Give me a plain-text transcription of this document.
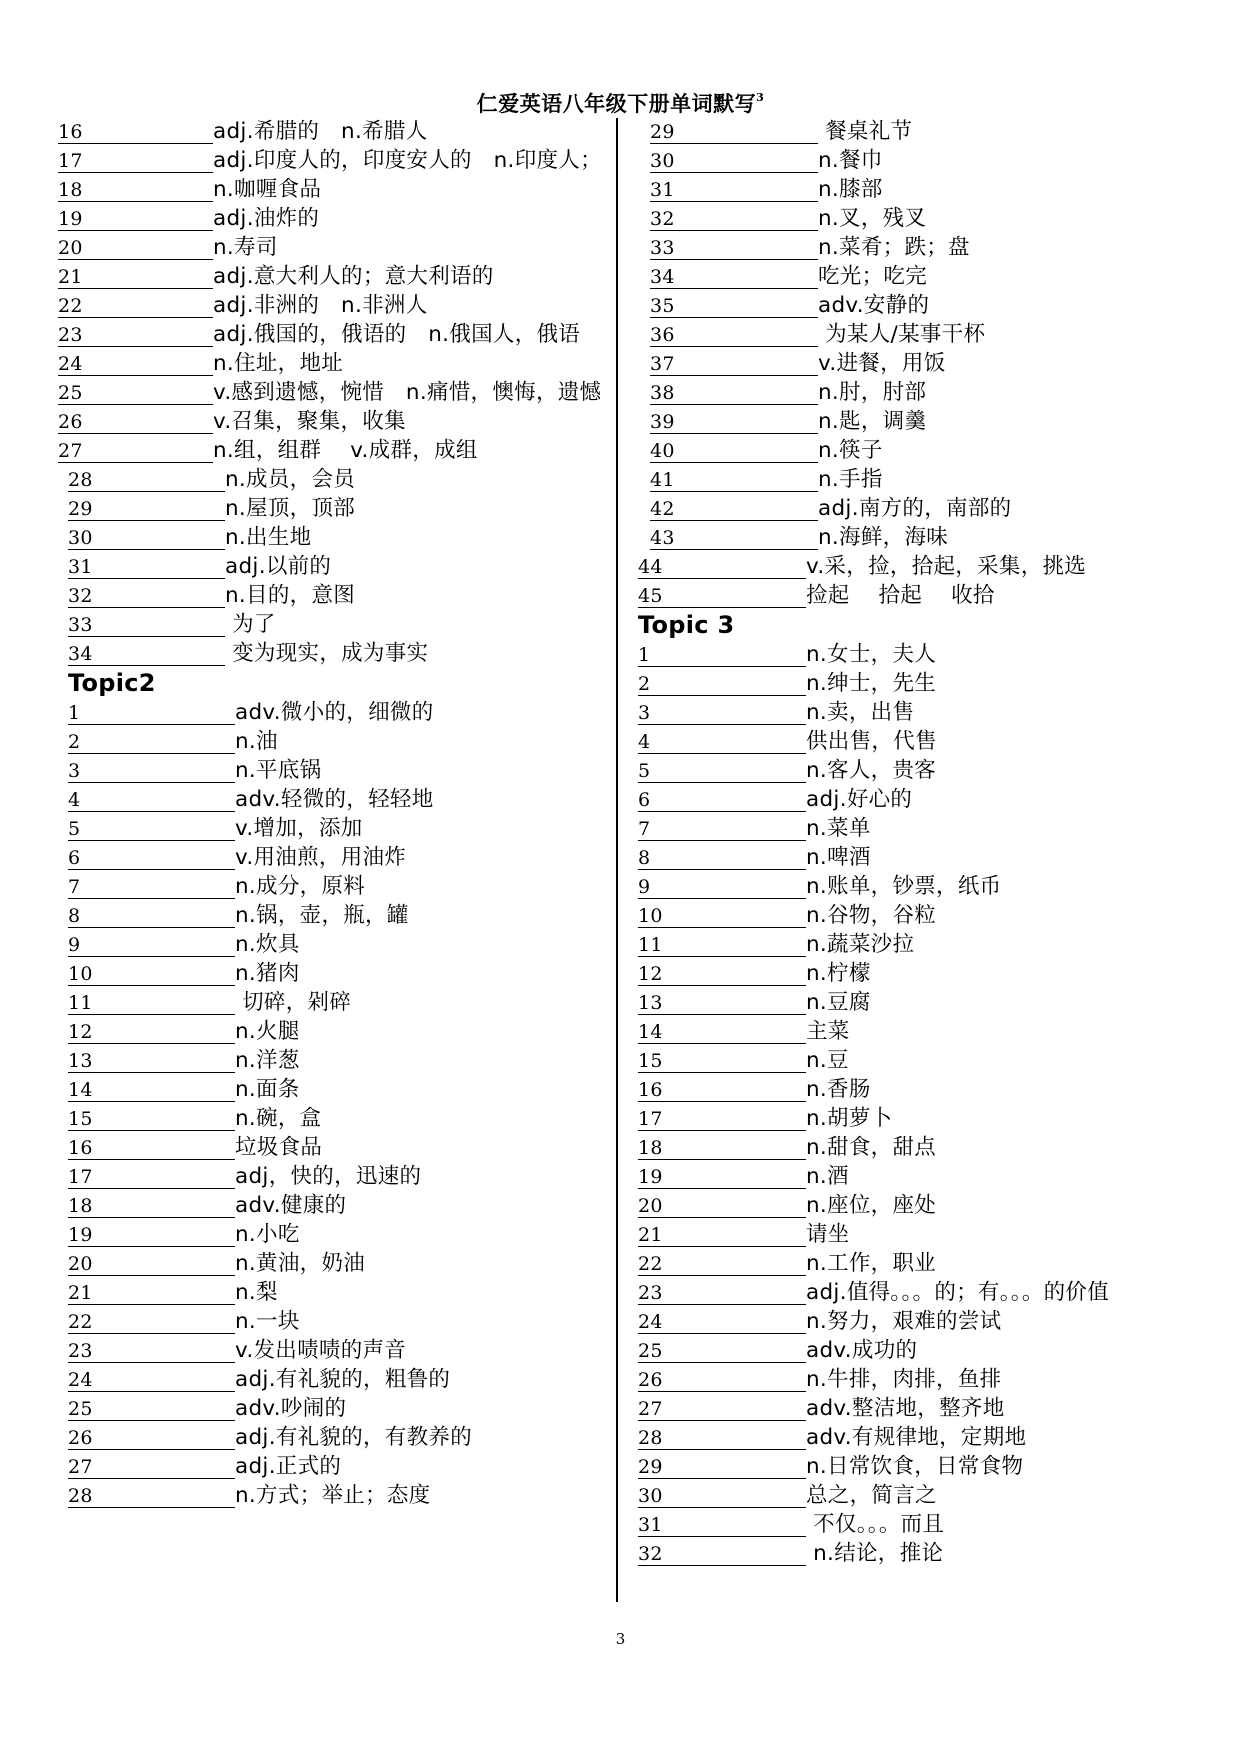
仁爱英语八年级下册单词默写$^3$
16	adj.希腊的　n.希腊人
17	adj.印度人的，印度安人的　n.印度人；
18	n.咖喱食品
19	adj.油炸的
20	n.寿司
21	adj.意大利人的；意大利语的
22	adj.非洲的　n.非洲人
23	adj.俄国的，俄语的　n.俄国人，俄语
24	n.住址，地址
25	v.感到遗憾，惋惜　n.痛惜，懊悔，遗憾
26	v.召集，聚集，收集
27	n.组，组群　 v.成群，成组
28	n.成员，会员
29	n.屋顶，顶部
30	n.出生地
31	adj.以前的
32	n.目的，意图
33	为了
34	变为现实，成为事实
Topic2
1	adv.微小的，细微的
2	n.油
3	n.平底锅
4	adv.轻微的，轻轻地
5	v.增加，添加
6	v.用油煎，用油炸
7	n.成分，原料
8	n.锅，壶，瓶，罐
9	n.炊具
10	n.猪肉
11	切碎，剁碎
12	n.火腿
13	n.洋葱
14	n.面条
15	n.碗，盒
16	垃圾食品
17	adj，快的，迅速的
18	adv.健康的
19	n.小吃
20	n.黄油，奶油
21	n.梨
22	n.一块
23	v.发出啧啧的声音
24	adj.有礼貌的，粗鲁的
25	adv.吵闹的
26	adj.有礼貌的，有教养的
27	adj.正式的
28	n.方式；举止；态度
29	餐桌礼节
30	n.餐巾
31	n.膝部
32	n.叉，残叉
33	n.菜肴；跌；盘
34	吃光；吃完
35	adv.安静的
36	为某人/某事干杯
37	v.进餐，用饭
38	n.肘，肘部
39	n.匙，调羹
40	n.筷子
41	n.手指
42	adj.南方的，南部的
43	n.海鲜，海味
44	v.采，捡，拾起，采集，挑选
45	捡起　 拾起　 收拾
Topic 3
1	n.女士，夫人
2	n.绅士，先生
3	n.卖，出售
4	供出售，代售
5	n.客人，贵客
6	adj.好心的
7	n.菜单
8	n.啤酒
9	n.账单，钞票，纸币
10	n.谷物，谷粒
11	n.蔬菜沙拉
12	n.柠檬
13	n.豆腐
14	主菜
15	n.豆
16	n.香肠
17	n.胡萝卜
18	n.甜食，甜点
19	n.酒
20	n.座位，座处
21	请坐
22	n.工作，职业
23	adj.值得。。。的；有。。。的价值
24	n.努力，艰难的尝试
25	adv.成功的
26	n.牛排，肉排，鱼排
27	adv.整洁地，整齐地
28	adv.有规律地，定期地
29	n.日常饮食，日常食物
30	总之，简言之
31	不仅。。。而且
32	n.结论，推论
3
